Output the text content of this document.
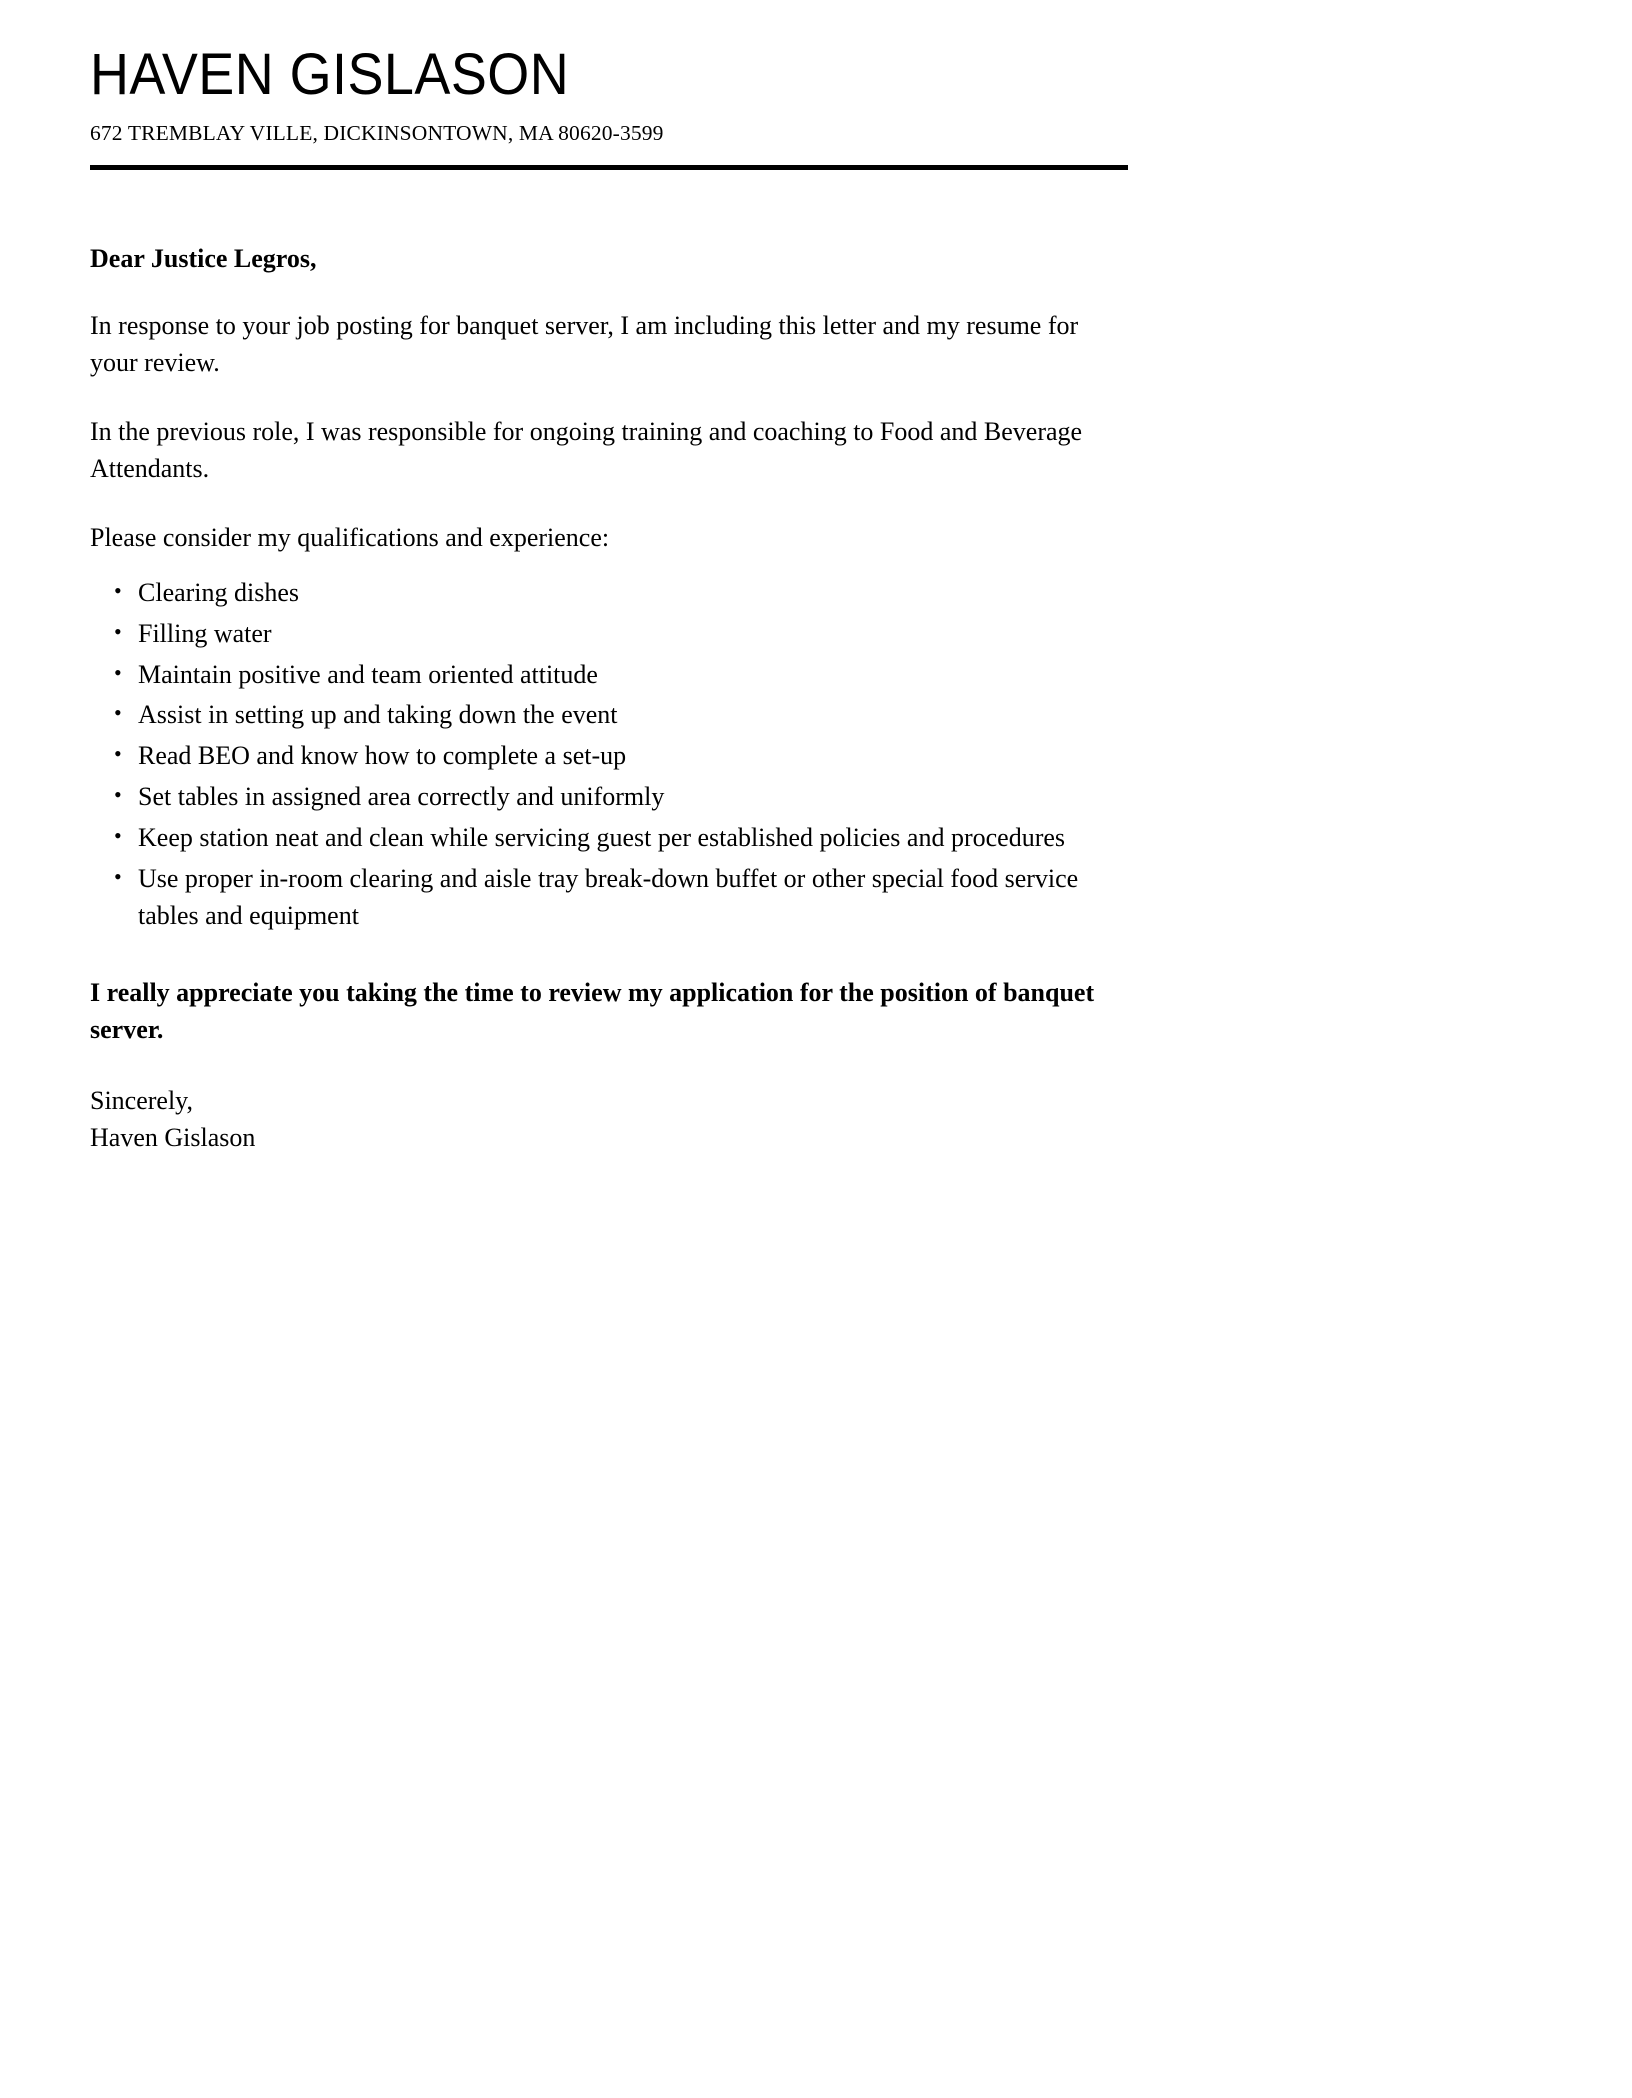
HAVEN GISLASON

672 TREMBLAY VILLE, DICKINSONTOWN, MA 80620-3599

Dear Justice Legros,

In response to your job posting for banquet server, I am including this letter and my resume for your review.

In the previous role, I was responsible for ongoing training and coaching to Food and Beverage Attendants.

Please consider my qualifications and experience:

• Clearing dishes
• Filling water
• Maintain positive and team oriented attitude
• Assist in setting up and taking down the event
• Read BEO and know how to complete a set-up
• Set tables in assigned area correctly and uniformly
• Keep station neat and clean while servicing guest per established policies and procedures
• Use proper in-room clearing and aisle tray break-down buffet or other special food service tables and equipment

I really appreciate you taking the time to review my application for the position of banquet server.

Sincerely,
Haven Gislason
